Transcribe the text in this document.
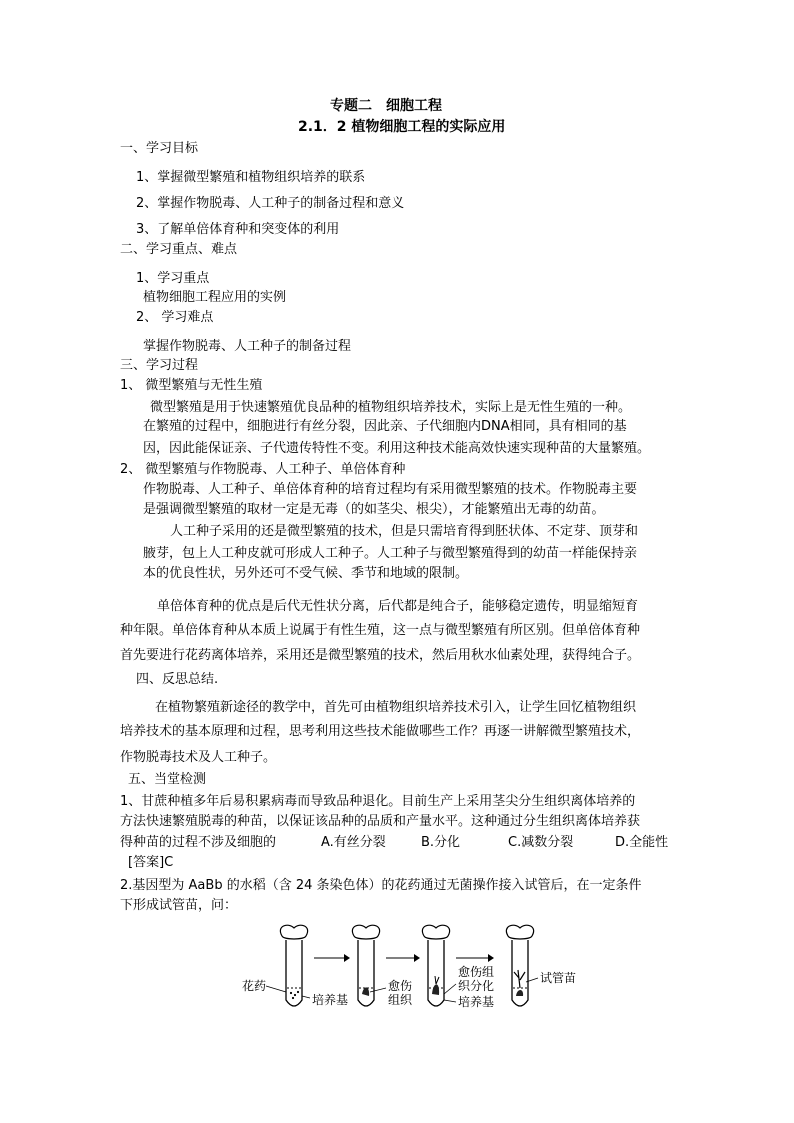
专题二　细胞工程
2.1．2 植物细胞工程的实际应用
一、学习目标
1、掌握微型繁殖和植物组织培养的联系
2、掌握作物脱毒、人工种子的制备过程和意义
3、了解单倍体育种和突变体的利用
二、学习重点、难点
1、学习重点
植物细胞工程应用的实例
2、 学习难点
掌握作物脱毒、人工种子的制备过程
三、学习过程
1、 微型繁殖与无性生殖
微型繁殖是用于快速繁殖优良品种的植物组织培养技术，实际上是无性生殖的一种。
在繁殖的过程中，细胞进行有丝分裂，因此亲、子代细胞内DNA相同，具有相同的基
因，因此能保证亲、子代遗传特性不变。利用这种技术能高效快速实现种苗的大量繁殖。
2、 微型繁殖与作物脱毒、人工种子、单倍体育种
作物脱毒、人工种子、单倍体育种的培育过程均有采用微型繁殖的技术。作物脱毒主要
是强调微型繁殖的取材一定是无毒（的如茎尖、根尖），才能繁殖出无毒的幼苗。
人工种子采用的还是微型繁殖的技术，但是只需培育得到胚状体、不定芽、顶芽和
腋芽，包上人工种皮就可形成人工种子。人工种子与微型繁殖得到的幼苗一样能保持亲
本的优良性状，另外还可不受气候、季节和地域的限制。
单倍体育种的优点是后代无性状分离，后代都是纯合子，能够稳定遗传，明显缩短育
种年限。单倍体育种从本质上说属于有性生殖，这一点与微型繁殖有所区别。但单倍体育种
首先要进行花药离体培养，采用还是微型繁殖的技术，然后用秋水仙素处理，获得纯合子。
四、反思总结.
在植物繁殖新途径的教学中，首先可由植物组织培养技术引入，让学生回忆植物组织
培养技术的基本原理和过程，思考利用这些技术能做哪些工作？再逐一讲解微型繁殖技术，
作物脱毒技术及人工种子。
五、当堂检测
1、甘蔗种植多年后易积累病毒而导致品种退化。目前生产上采用茎尖分生组织离体培养的
方法快速繁殖脱毒的种苗，以保证该品种的品质和产量水平。这种通过分生组织离体培养获
得种苗的过程不涉及细胞的	A.有丝分裂	B.分化	C.减数分裂	D.全能性
[答案]C
2.基因型为 AaBb 的水稻（含 24 条染色体）的花药通过无菌操作接入试管后，在一定条件
下形成试管苗，问：
花药
培养基
愈伤
组织
愈伤组
织分化
培养基
试管苗
